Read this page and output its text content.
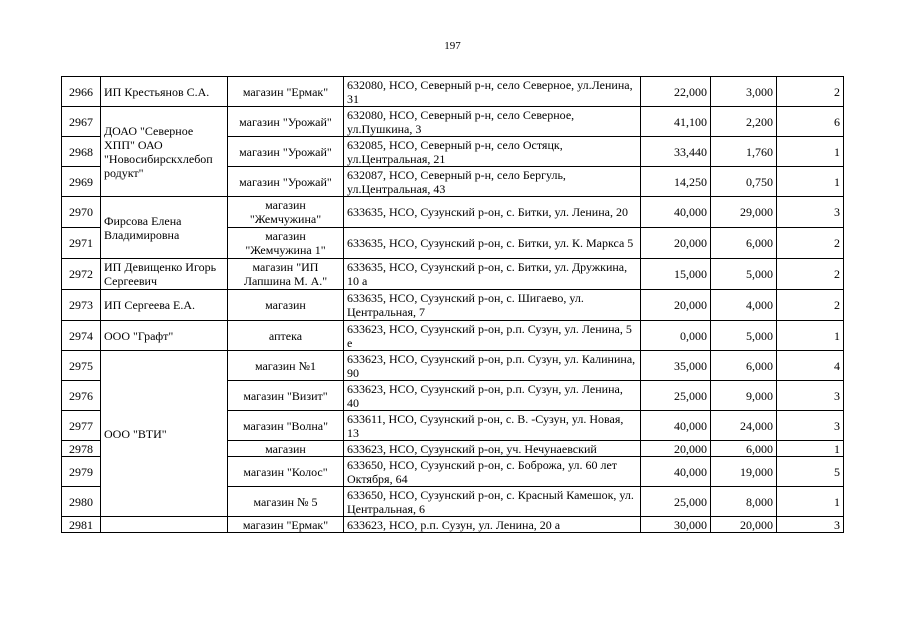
197
2966	ИП Крестьянов С.А.	магазин "Ермак"	632080, НСО, Северный р-н, село Северное, ул.Ленина, 31	22,000	3,000	2
2967	ДОАО "Северное ХПП" ОАО "Новосибирскхлебоп родукт"	магазин "Урожай"	632080, НСО, Северный р-н, село Северное, ул.Пушкина, 3	41,100	2,200	6
2968		магазин "Урожай"	632085, НСО, Северный р-н, село Остяцк, ул.Центральная, 21	33,440	1,760	1
2969		магазин "Урожай"	632087, НСО, Северный р-н, село Бергуль, ул.Центральная, 43	14,250	0,750	1
2970	Фирсова Елена Владимировна	магазин "Жемчужина"	633635, НСО, Сузунский р-он, с. Битки, ул. Ленина, 20	40,000	29,000	3
2971		магазин "Жемчужина 1"	633635, НСО, Сузунский р-он, с. Битки, ул. К. Маркса 5	20,000	6,000	2
2972	ИП Девищенко Игорь Сергеевич	магазин "ИП Лапшина М. А."	633635, НСО, Сузунский р-он, с. Битки, ул. Дружкина, 10 а	15,000	5,000	2
2973	ИП Сергеева Е.А.	магазин	633635, НСО, Сузунский р-он, с. Шигаево, ул. Центральная, 7	20,000	4,000	2
2974	ООО "Графт"	аптека	633623, НСО, Сузунский р-он, р.п. Сузун, ул. Ленина, 5 е	0,000	5,000	1
2975	ООО "ВТИ"	магазин №1	633623, НСО, Сузунский р-он, р.п. Сузун, ул. Калинина, 90	35,000	6,000	4
2976		магазин "Визит"	633623, НСО, Сузунский р-он, р.п. Сузун, ул. Ленина, 40	25,000	9,000	3
2977		магазин "Волна"	633611, НСО, Сузунский р-он, с. В. -Сузун, ул. Новая, 13	40,000	24,000	3
2978		магазин	633623, НСО, Сузунский р-он, уч. Нечунаевский	20,000	6,000	1
2979		магазин "Колос"	633650, НСО, Сузунский р-он, с. Боброжа, ул. 60 лет Октября, 64	40,000	19,000	5
2980		магазин № 5	633650, НСО, Сузунский р-он, с. Красный Камешок, ул. Центральная, 6	25,000	8,000	1
2981		магазин "Ермак"	633623, НСО, р.п. Сузун, ул. Ленина, 20 а	30,000	20,000	3
